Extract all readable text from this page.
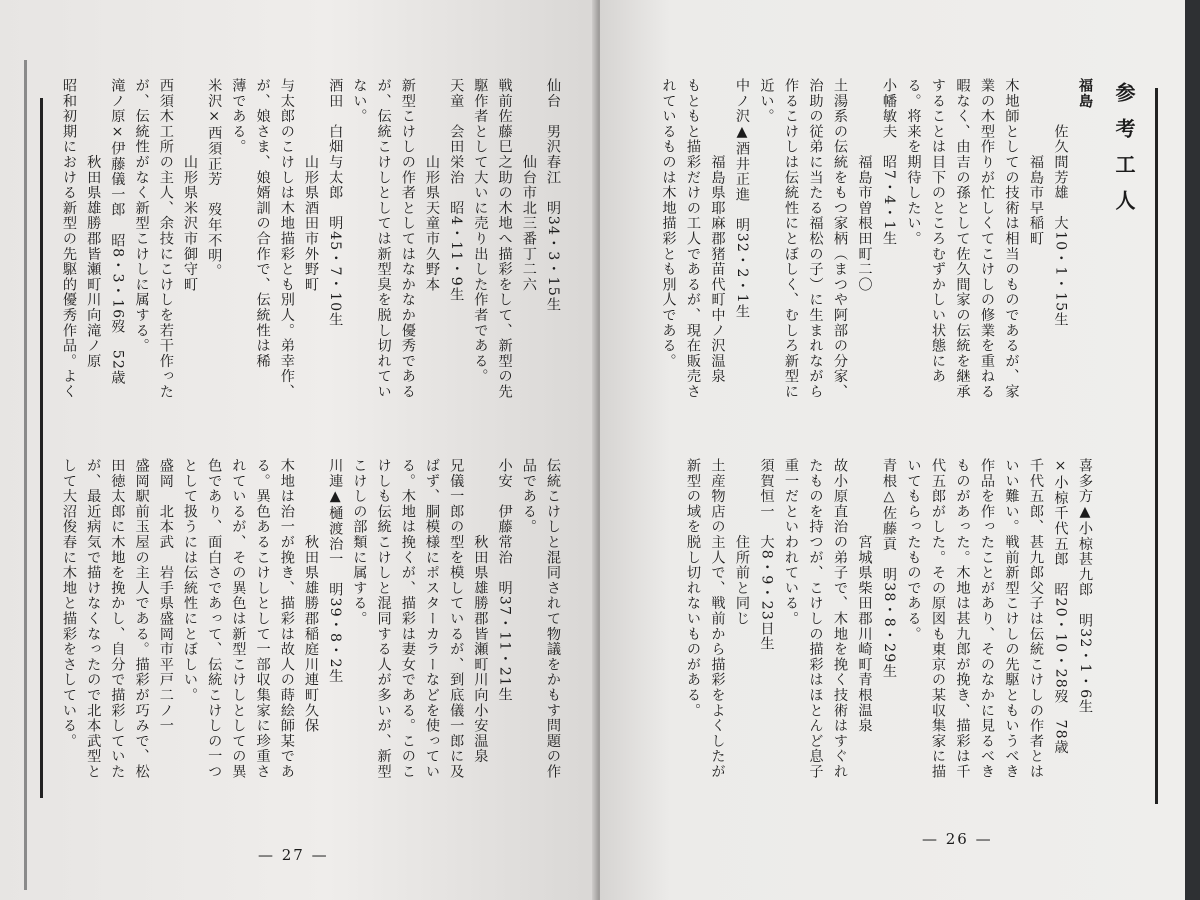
仙台　男沢春江　明34・3・15生
　　　　　仙台市北三番丁二六
戦前佐藤巳之助の木地へ描彩をして、新型の先
駆作者として大いに売り出した作者である。
天童　会田栄治　昭4・11・9生
　　　　　山形県天童市久野本
新型こけしの作者としてはなかなか優秀である
が、伝統こけしとしては新型臭を脱し切れてい
ない。
酒田　白畑与太郎　明45・7・10生
　　　　　山形県酒田市外野町
与太郎のこけしは木地描彩とも別人。弟幸作、
が、娘さま、娘婿訓の合作で、伝統性は稀
薄である。
米沢×西須正芳　歿年不明。
　　　　　山形県米沢市御守町
西須木工所の主人、余技にこけしを若干作った
が、伝統性がなく新型こけしに属する。
滝ノ原×伊藤儀一郎　昭8・3・16歿　52歳
　　　　　秋田県雄勝郡皆瀬町川向滝ノ原
昭和初期における新型の先駆的優秀作品。よく
伝統こけしと混同されて物議をかもす問題の作
品である。
小安　伊藤常治　明37・11・21生
　　　　　秋田県雄勝郡皆瀬町川向小安温泉
兄儀一郎の型を模しているが、到底儀一郎に及
ばず、胴模様にポスターカラーなどを使ってい
る。木地は挽くが、描彩は妻女である。このこ
けしも伝統こけしと混同する人が多いが、新型
こけしの部類に属する。
川連▲樋渡治一　明39・8・2生
　　　　　秋田県雄勝郡稲庭川連町久保
木地は治一が挽き、描彩は故人の蒔絵師某であ
る。異色あるこけしとして一部収集家に珍重さ
れているが、その異色は新型こけしとしての異
色であり、面白さであって、伝統こけしの一つ
として扱うには伝統性にとぼしい。
盛岡　北本武　岩手県盛岡市平戸二ノ一
盛岡駅前玉屋の主人である。描彩が巧みで、松
田徳太郎に木地を挽かし、自分で描彩していた
が、最近病気で描けなくなったので北本武型と
して大沼俊春に木地と描彩をさしている。
— 27 —
参考工人
福島
　　　佐久間芳雄　大10・1・15生
　　　　　福島市早稲町
木地師としての技術は相当のものであるが、家
業の木型作りが忙しくてこけしの修業を重ねる
暇なく、由吉の孫として佐久間家の伝統を継承
することは目下のところむずかしい状態にあ
る。将来を期待したい。
小幡敏夫　昭7・4・1生
　　　　　福島市曽根田町二〇
土湯系の伝統をもつ家柄（まつや阿部の分家、
治助の従弟に当たる福松の子）に生まれながら
作るこけしは伝統性にとぼしく、むしろ新型に
近い。
中ノ沢▲酒井正進　明32・2・1生
　　　　　福島県耶麻郡猪苗代町中ノ沢温泉
もともと描彩だけの工人であるが、現在販売さ
れているものは木地描彩とも別人である。
喜多方▲小椋甚九郎　明32・1・6生
×小椋千代五郎　昭20・10・28歿　78歳
千代五郎、甚九郎父子は伝統こけしの作者とは
いい難い。戦前新型こけしの先駆ともいうべき
作品を作ったことがあり、そのなかに見るべき
ものがあった。木地は甚九郎が挽き、描彩は千
代五郎がした。その原図も東京の某収集家に描
いてもらったものである。
青根△佐藤貢　明38・8・29生
　　　　　宮城県柴田郡川崎町青根温泉
故小原直治の弟子で、木地を挽く技術はすぐれ
たものを持つが、こけしの描彩はほとんど息子
重一だといわれている。
須賀恒一　大8・9・23日生
　　　　　住所前と同じ
土産物店の主人で、戦前から描彩をよくしたが
新型の域を脱し切れないものがある。
— 26 —
